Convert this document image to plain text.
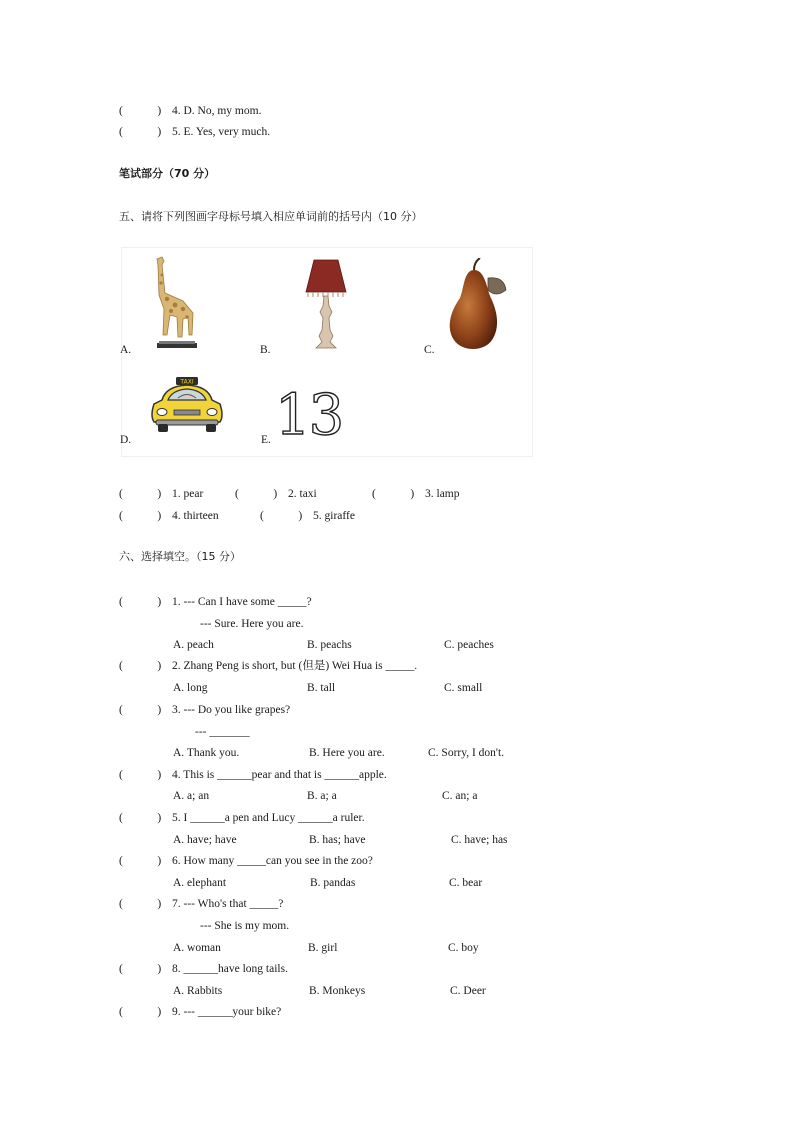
(            ) 4. D. No, my mom.
(            ) 5. E. Yes, very much.
笔试部分（70 分）
五、请将下列图画字母标号填入相应单词前的括号内（10 分）
A.	B.	C.
D.
TAXI
E. 13
(            ) 1. pear	(            ) 2. taxi	(            ) 3. lamp
(            ) 4. thirteen	(            ) 5. giraffe
六、选择填空。（15 分）
(            ) 1. --- Can I have some _____?
--- Sure. Here you are.
A. peach	B. peachs	C. peaches
(            ) 2. Zhang Peng is short, but (但是) Wei Hua is _____.
A. long	B. tall	C. small
(            ) 3. --- Do you like grapes?
--- _______
A. Thank you.	B. Here you are.	C. Sorry, I don't.
(            ) 4. This is ______pear and that is ______apple.
A. a; an	B. a; a	C. an; a
(            ) 5. I ______a pen and Lucy ______a ruler.
A. have; have	B. has; have	C. have; has
(            ) 6. How many _____can you see in the zoo?
A. elephant	B. pandas	C. bear
(            ) 7. --- Who's that _____?
--- She is my mom.
A. woman	B. girl	C. boy
(            ) 8. ______have long tails.
A. Rabbits	B. Monkeys	C. Deer
(            ) 9. --- ______your bike?
